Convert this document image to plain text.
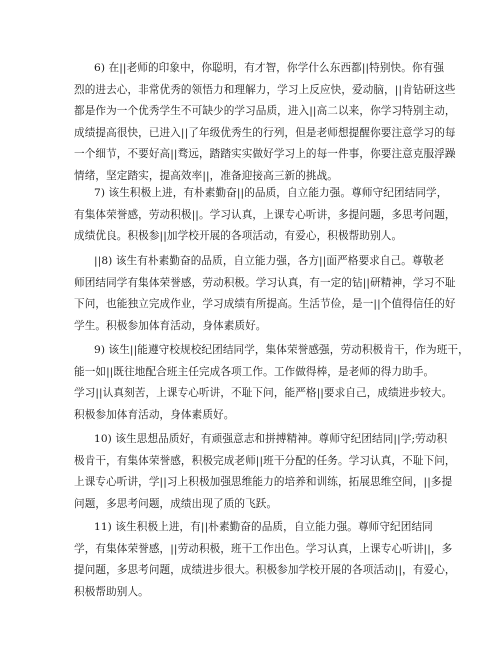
6) 在||老师的印象中，你聪明，有才智，你学什么东西都||特别快。你有强
烈的进去心，非常优秀的领悟力和理解力，学习上反应快，爱动脑，||肯钻研这些
都是作为一个优秀学生不可缺少的学习品质，进入||高二以来，你学习特别主动，
成绩提高很快，已进入||了年级优秀生的行列，但是老师想提醒你要注意学习的每
一个细节，不要好高||骛远，踏踏实实做好学习上的每一件事，你要注意克服浮躁
情绪，坚定踏实，提高效率||，准备迎接高三新的挑战。
7) 该生积极上进，有朴素勤奋||的品质，自立能力强。尊师守纪团结同学，
有集体荣誉感，劳动积极||。学习认真，上课专心听讲，多提问题，多思考问题，
成绩优良。积极参||加学校开展的各项活动，有爱心，积极帮助别人。
||8) 该生有朴素勤奋的品质，自立能力强，各方||面严格要求自己。尊敬老
师团结同学有集体荣誉感，劳动积极。学习认真，有一定的钻||研精神，学习不耻
下问，也能独立完成作业，学习成绩有所提高。生活节俭，是一||个值得信任的好
学生。积极参加体育活动，身体素质好。
9) 该生||能遵守校规校纪团结同学，集体荣誉感强，劳动积极肯干，作为班干，
能一如||既往地配合班主任完成各项工作。工作做得棒，是老师的得力助手。
学习||认真刻苦，上课专心听讲，不耻下问，能严格||要求自己，成绩进步较大。
积极参加体育活动，身体素质好。
10) 该生思想品质好，有顽强意志和拼搏精神。尊师守纪团结同||学;劳动积
极肯干，有集体荣誉感，积极完成老师||班干分配的任务。学习认真，不耻下问，
上课专心听讲，学||习上积极加强思维能力的培养和训练，拓展思维空间，||多提
问题，多思考问题，成绩出现了质的飞跃。
11) 该生积极上进，有||朴素勤奋的品质，自立能力强。尊师守纪团结同
学，有集体荣誉感，||劳动积极，班干工作出色。学习认真，上课专心听讲||，多
提问题，多思考问题，成绩进步很大。积极参加学校开展的各项活动||，有爱心，
积极帮助别人。
